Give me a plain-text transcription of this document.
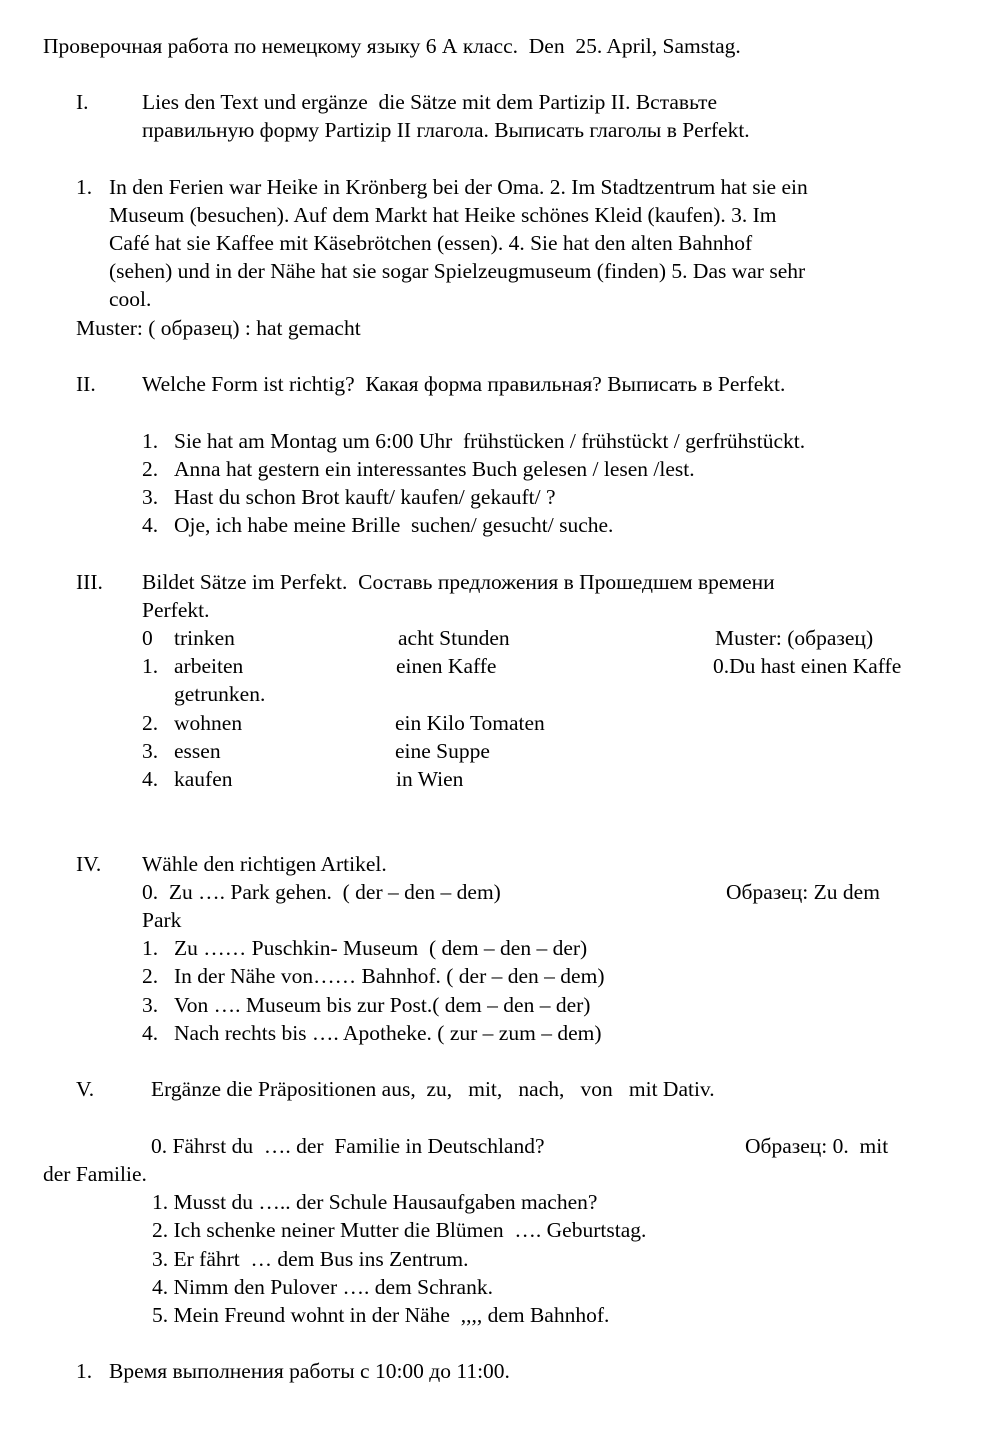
Проверочная работа по немецкому языку 6 А класс.  Den  25. April, Samstag.
I. Lies den Text und ergänze  die Sätze mit dem Partizip II. Вставьте
правильную форму Partizip II глагола. Выписать глаголы в Perfekt.
1. In den Ferien war Heike in Krönberg bei der Oma. 2. Im Stadtzentrum hat sie ein
Museum (besuchen). Auf dem Markt hat Heike schönes Kleid (kaufen). 3. Im
Café hat sie Kaffee mit Käsebrötchen (essen). 4. Sie hat den alten Bahnhof
(sehen) und in der Nähe hat sie sogar Spielzeugmuseum (finden) 5. Das war sehr
cool.
Muster: ( образец) : hat gemacht
II. Welche Form ist richtig?  Какая форма правильная? Выписать в Perfekt.
1. Sie hat am Montag um 6:00 Uhr  frühstücken / frühstückt / gerfrühstückt.
2. Anna hat gestern ein interessantes Buch gelesen / lesen /lest.
3. Hast du schon Brot kauft/ kaufen/ gekauft/ ?
4. Oje, ich habe meine Brille  suchen/ gesucht/ suche.
III. Bildet Sätze im Perfekt.  Составь предложения в Прошедшем времени
Perfekt.
0 trinken	acht Stunden	Muster: (образец)
1. arbeiten	einen Kaffe	0.Du hast einen Kaffe
getrunken.
2. wohnen	ein Kilo Tomaten
3. essen	eine Suppe
4. kaufen	in Wien
IV. Wähle den richtigen Artikel.
0.  Zu …. Park gehen.  ( der – den – dem)	Образец: Zu dem
Park
1. Zu …… Puschkin- Museum  ( dem – den – der)
2. In der Nähe von…… Bahnhof. ( der – den – dem)
3. Von …. Museum bis zur Post.( dem – den – der)
4. Nach rechts bis …. Apotheke. ( zur – zum – dem)
V.	Ergänze die Präpositionen aus,  zu,   mit,   nach,   von   mit Dativ.
0. Fährst du  …. der  Familie in Deutschland?	Образец: 0.  mit
der Familie.
1. Musst du ….. der Schule Hausaufgaben machen?
2. Ich schenke neiner Mutter die Blümen  …. Geburtstag.
3. Er fährt  … dem Bus ins Zentrum.
4. Nimm den Pulover …. dem Schrank.
5. Mein Freund wohnt in der Nähe  ,,,, dem Bahnhof.
1. Время выполнения работы с 10:00 до 11:00.
